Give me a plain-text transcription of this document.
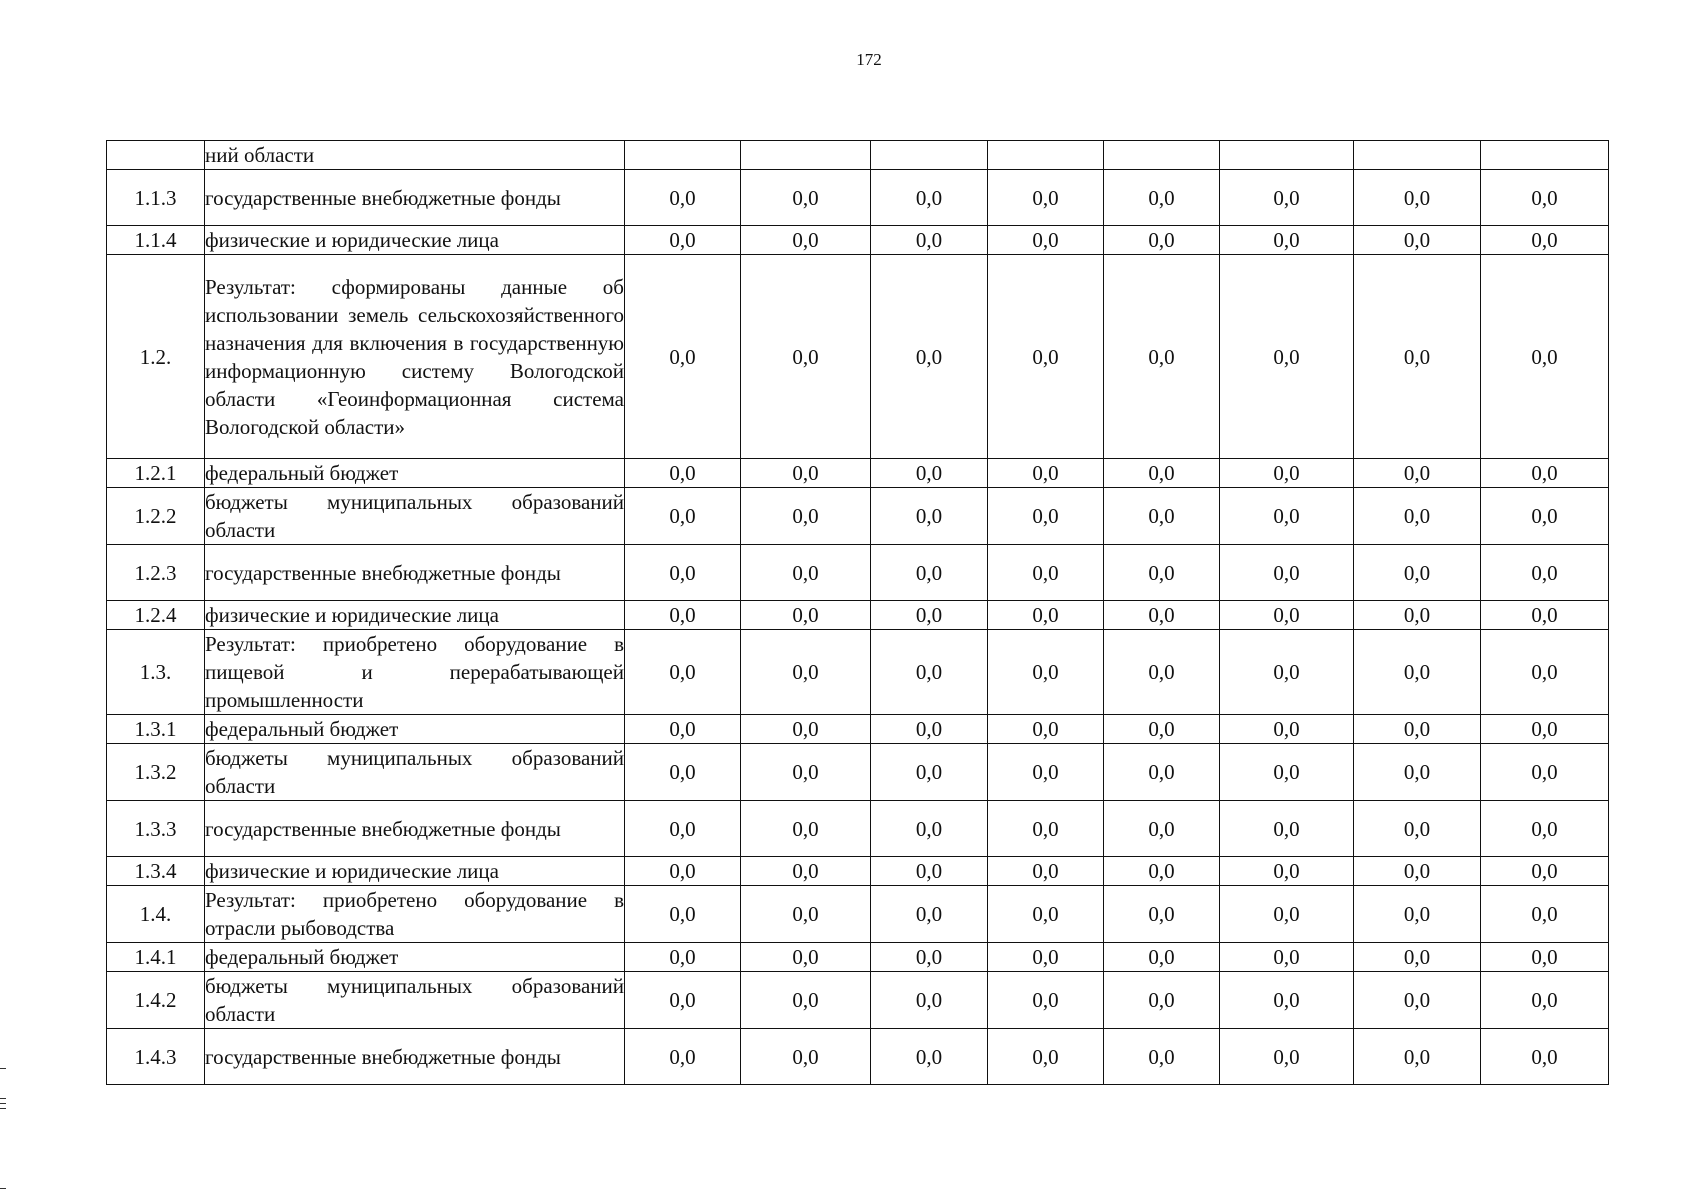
172
	ний области								
1.1.3	государственные внебюджетные фонды	0,0	0,0	0,0	0,0	0,0	0,0	0,0	0,0
1.1.4	физические и юридические лица	0,0	0,0	0,0	0,0	0,0	0,0	0,0	0,0
1.2.	Результат: сформированы данные об использовании земель сельскохозяйственного назначения для включения в государственную информационную систему Вологодской области «Геоинформационная система Вологодской области»	0,0	0,0	0,0	0,0	0,0	0,0	0,0	0,0
1.2.1	федеральный бюджет	0,0	0,0	0,0	0,0	0,0	0,0	0,0	0,0
1.2.2	бюджеты муниципальных образований области	0,0	0,0	0,0	0,0	0,0	0,0	0,0	0,0
1.2.3	государственные внебюджетные фонды	0,0	0,0	0,0	0,0	0,0	0,0	0,0	0,0
1.2.4	физические и юридические лица	0,0	0,0	0,0	0,0	0,0	0,0	0,0	0,0
1.3.	Результат: приобретено оборудование в пищевой и перерабатывающей промышленности	0,0	0,0	0,0	0,0	0,0	0,0	0,0	0,0
1.3.1	федеральный бюджет	0,0	0,0	0,0	0,0	0,0	0,0	0,0	0,0
1.3.2	бюджеты муниципальных образований области	0,0	0,0	0,0	0,0	0,0	0,0	0,0	0,0
1.3.3	государственные внебюджетные фонды	0,0	0,0	0,0	0,0	0,0	0,0	0,0	0,0
1.3.4	физические и юридические лица	0,0	0,0	0,0	0,0	0,0	0,0	0,0	0,0
1.4.	Результат: приобретено оборудование в отрасли рыбоводства	0,0	0,0	0,0	0,0	0,0	0,0	0,0	0,0
1.4.1	федеральный бюджет	0,0	0,0	0,0	0,0	0,0	0,0	0,0	0,0
1.4.2	бюджеты муниципальных образований области	0,0	0,0	0,0	0,0	0,0	0,0	0,0	0,0
1.4.3	государственные внебюджетные фонды	0,0	0,0	0,0	0,0	0,0	0,0	0,0	0,0
